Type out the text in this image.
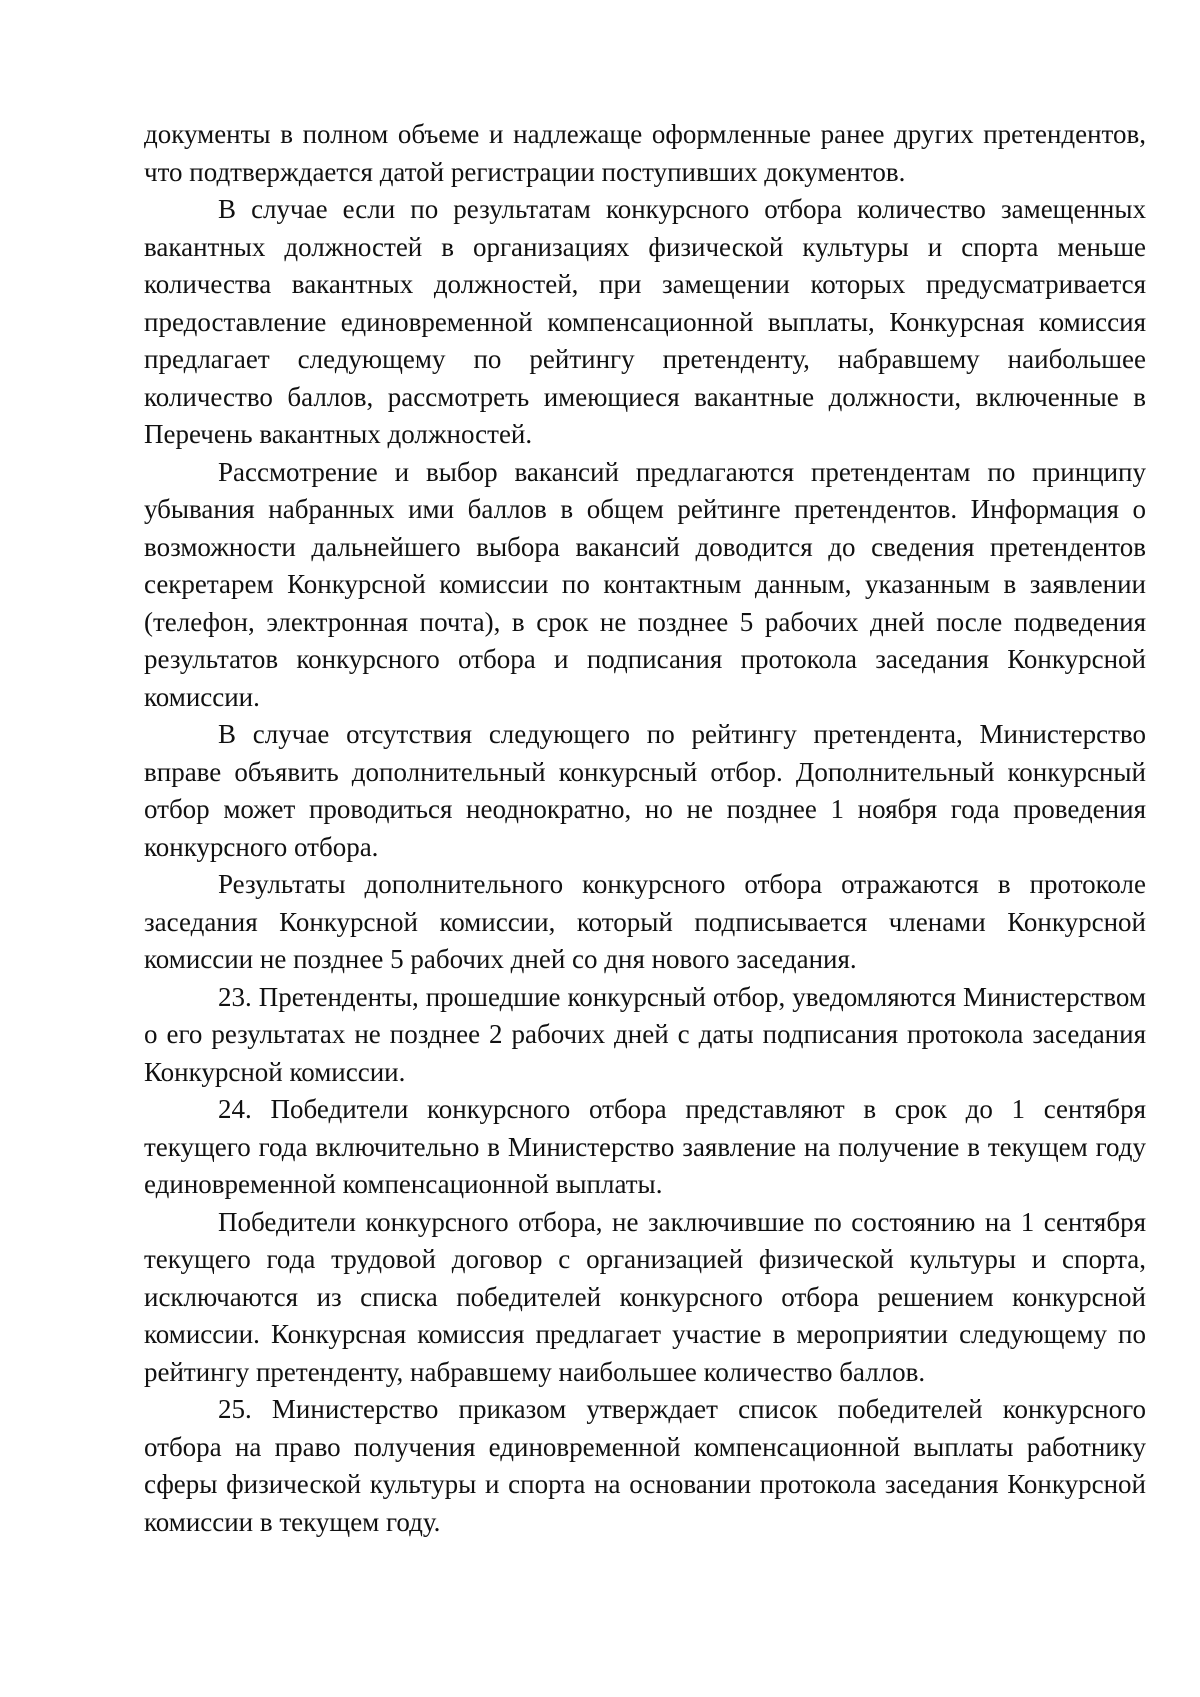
документы в полном объеме и надлежаще оформленные ранее других претендентов, что подтверждается датой регистрации поступивших документов.

В случае если по результатам конкурсного отбора количество замещенных вакантных должностей в организациях физической культуры и спорта меньше количества вакантных должностей, при замещении которых предусматривается предоставление единовременной компенсационной выплаты, Конкурсная комиссия предлагает следующему по рейтингу претенденту, набравшему наибольшее количество баллов, рассмотреть имеющиеся вакантные должности, включенные в Перечень вакантных должностей.

Рассмотрение и выбор вакансий предлагаются претендентам по принципу убывания набранных ими баллов в общем рейтинге претендентов. Информация о возможности дальнейшего выбора вакансий доводится до сведения претендентов секретарем Конкурсной комиссии по контактным данным, указанным в заявлении (телефон, электронная почта), в срок не позднее 5 рабочих дней после подведения результатов конкурсного отбора и подписания протокола заседания Конкурсной комиссии.

В случае отсутствия следующего по рейтингу претендента, Министерство вправе объявить дополнительный конкурсный отбор. Дополнительный конкурсный отбор может проводиться неоднократно, но не позднее 1 ноября года проведения конкурсного отбора.

Результаты дополнительного конкурсного отбора отражаются в протоколе заседания Конкурсной комиссии, который подписывается членами Конкурсной комиссии не позднее 5 рабочих дней со дня нового заседания.

23. Претенденты, прошедшие конкурсный отбор, уведомляются Министерством о его результатах не позднее 2 рабочих дней с даты подписания протокола заседания Конкурсной комиссии.

24. Победители конкурсного отбора представляют в срок до 1 сентября текущего года включительно в Министерство заявление на получение в текущем году единовременной компенсационной выплаты.

Победители конкурсного отбора, не заключившие по состоянию на 1 сентября текущего года трудовой договор с организацией физической культуры и спорта, исключаются из списка победителей конкурсного отбора решением конкурсной комиссии. Конкурсная комиссия предлагает участие в мероприятии следующему по рейтингу претенденту, набравшему наибольшее количество баллов.

25. Министерство приказом утверждает список победителей конкурсного отбора на право получения единовременной компенсационной выплаты работнику сферы физической культуры и спорта на основании протокола заседания Конкурсной комиссии в текущем году.
